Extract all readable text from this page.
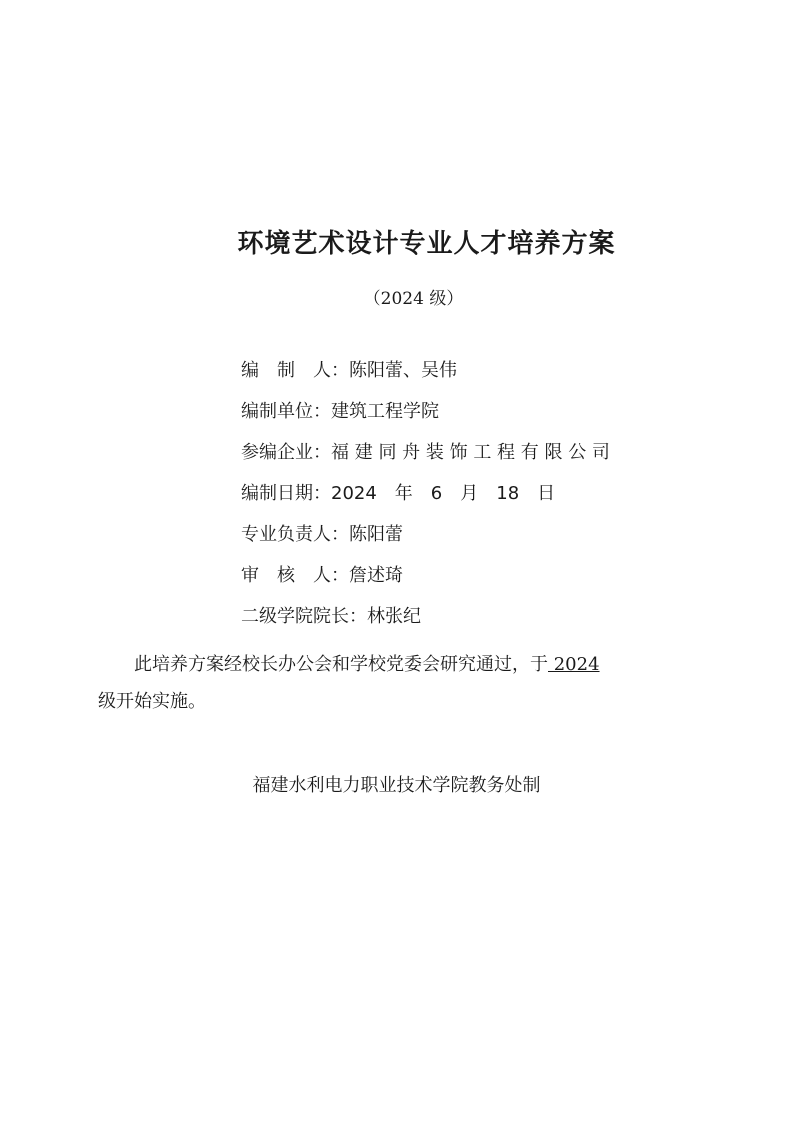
环境艺术设计专业人才培养方案
（2024 级）
编　制　人：陈阳蕾、吴伟
编制单位：建筑工程学院
参编企业：福 建 同 舟 装 饰 工 程 有 限 公 司
编制日期：2024　年　6　月　18　日
专业负责人：陈阳蕾
审　核　人：詹述琦
二级学院院长：林张纪
此培养方案经校长办公会和学校党委会研究通过，于 2024
级开始实施。
福建水利电力职业技术学院教务处制
